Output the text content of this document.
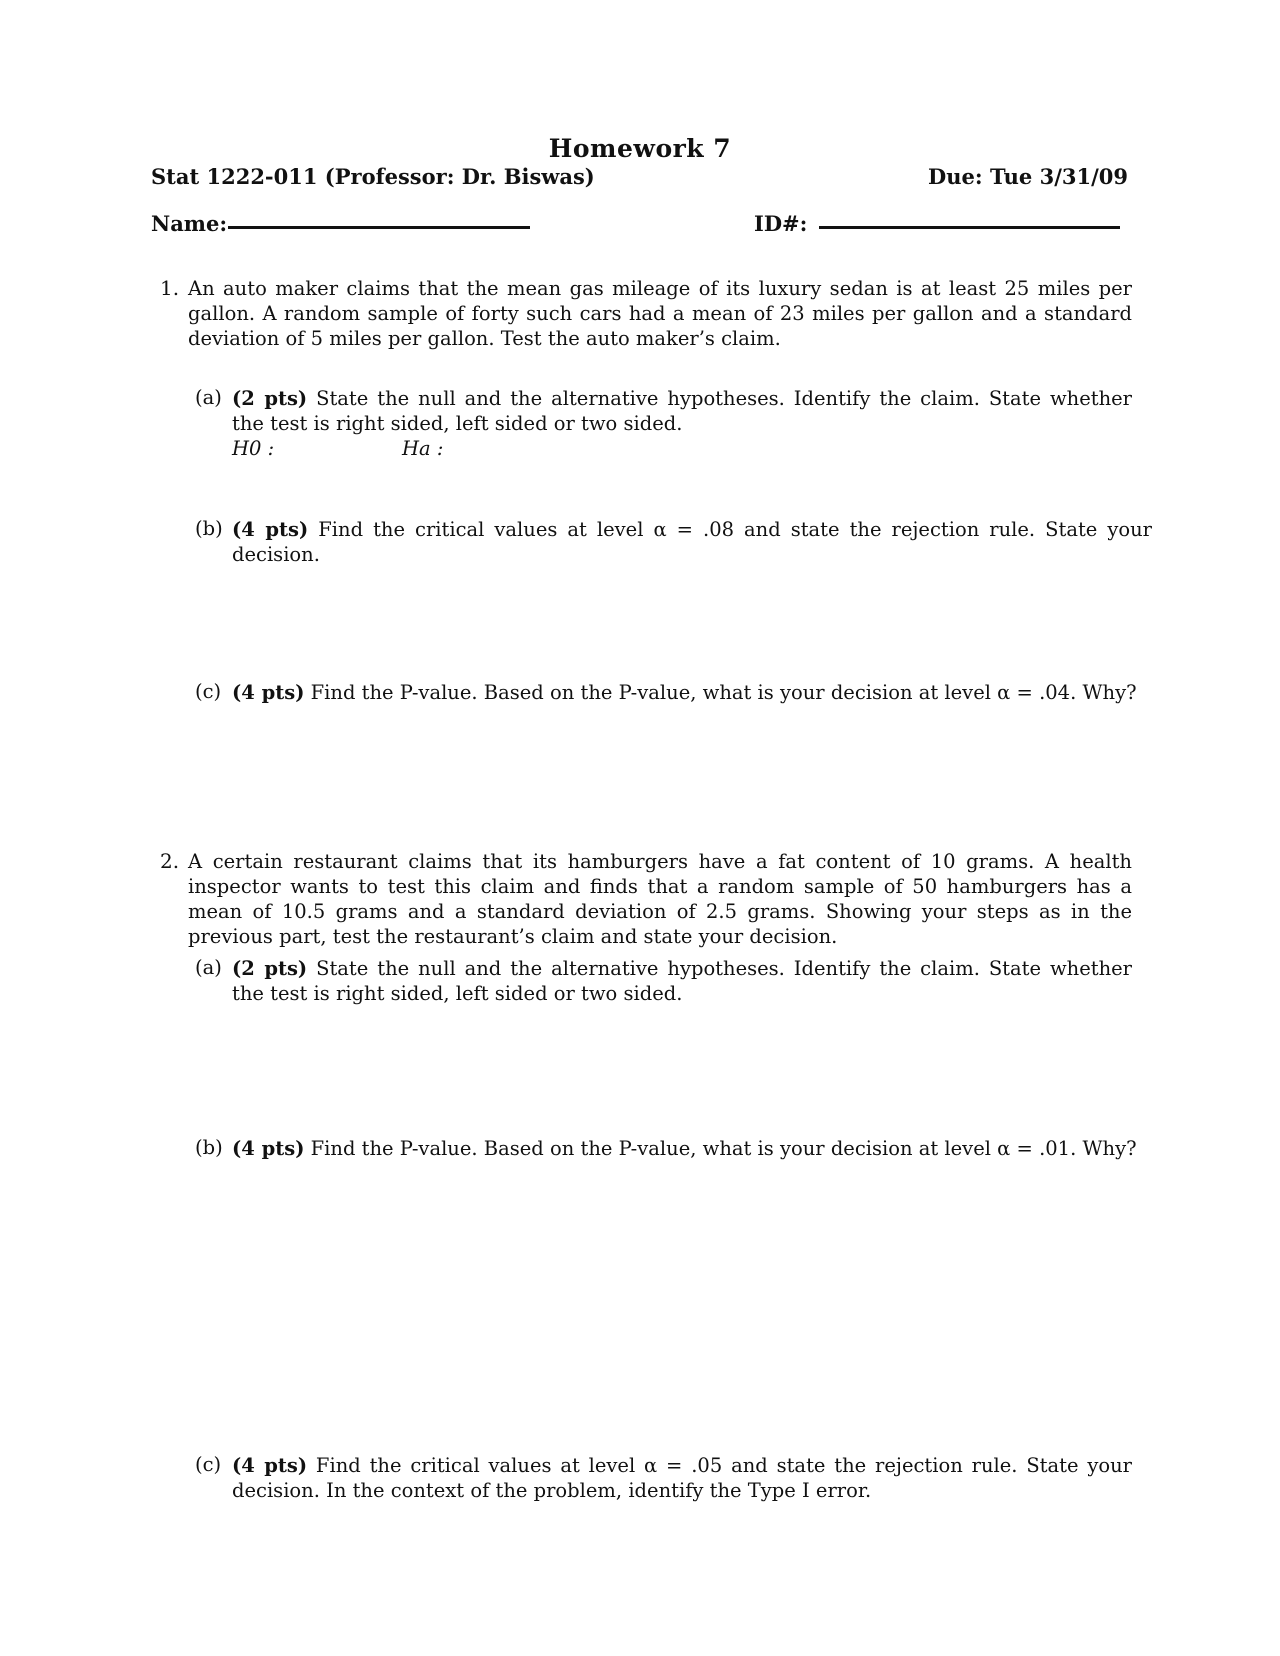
Homework 7
Stat 1222-011 (Professor: Dr. Biswas)	Due: Tue 3/31/09
Name:	ID#:
1. An auto maker claims that the mean gas mileage of its luxury sedan is at least 25 miles per gallon. A random sample of forty such cars had a mean of 23 miles per gallon and a standard deviation of 5 miles per gallon. Test the auto maker’s claim.
(a) (2 pts) State the null and the alternative hypotheses. Identify the claim. State whether the test is right sided, left sided or two sided.
H0 :	Ha :
(b) (4 pts) Find the critical values at level α = .08 and state the rejection rule. State your decision.
(c) (4 pts) Find the P-value. Based on the P-value, what is your decision at level α = .04. Why?
2. A certain restaurant claims that its hamburgers have a fat content of 10 grams. A health inspector wants to test this claim and finds that a random sample of 50 hamburgers has a mean of 10.5 grams and a standard deviation of 2.5 grams. Showing your steps as in the previous part, test the restaurant’s claim and state your decision.
(a) (2 pts) State the null and the alternative hypotheses. Identify the claim. State whether the test is right sided, left sided or two sided.
(b) (4 pts) Find the P-value. Based on the P-value, what is your decision at level α = .01. Why?
(c) (4 pts) Find the critical values at level α = .05 and state the rejection rule. State your decision. In the context of the problem, identify the Type I error.
